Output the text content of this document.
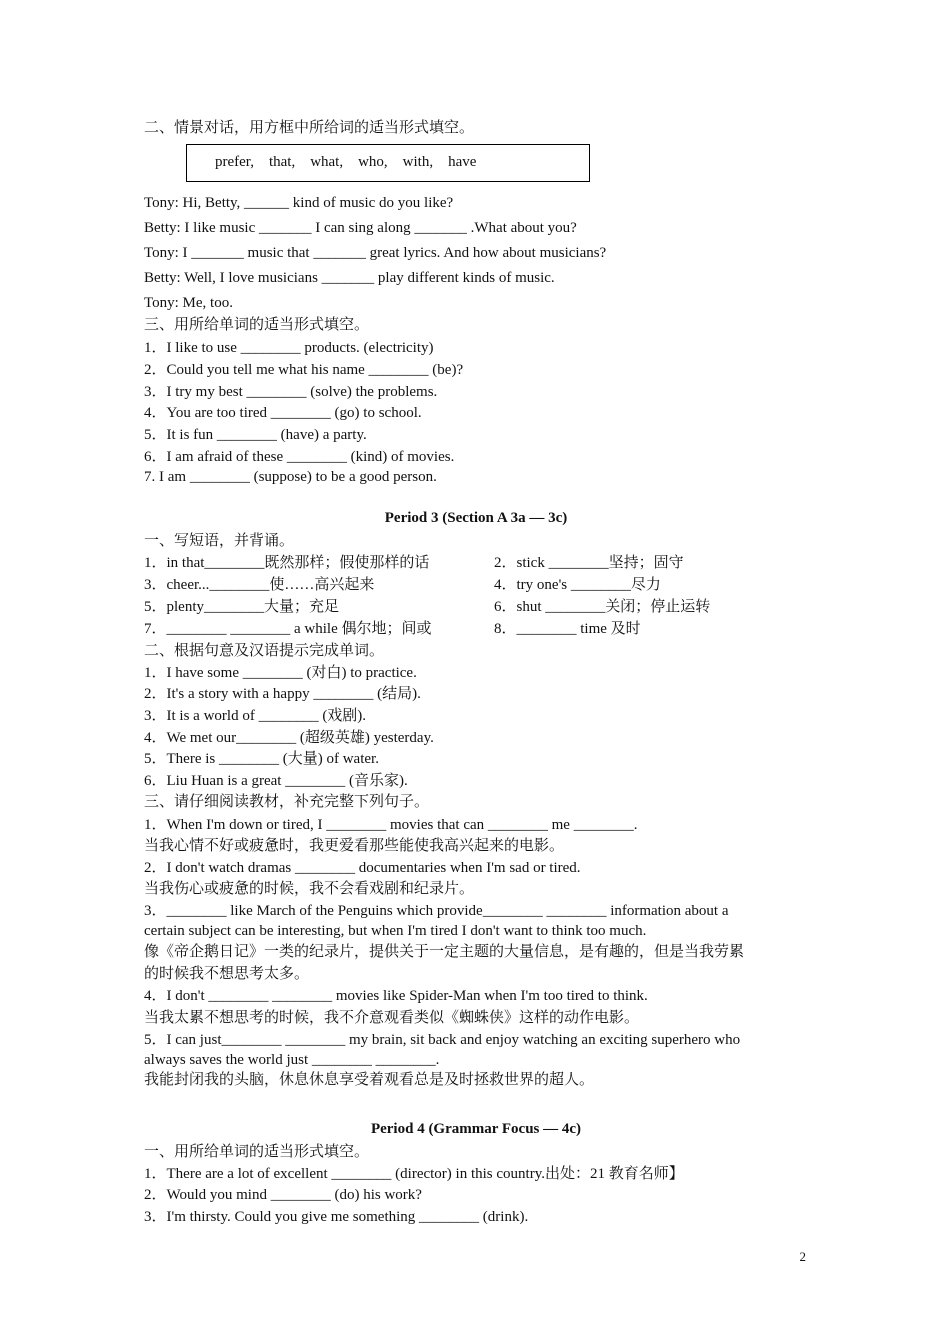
二、情景对话，用方框中所给词的适当形式填空。
prefer,    that,    what,    who,    with,    have
Tony: Hi, Betty, ______ kind of music do you like?
Betty: I like music _______ I can sing along _______ .What about you?
Tony: I _______ music that _______ great lyrics. And how about musicians?
Betty: Well, I love musicians _______ play different kinds of music.
Tony: Me, too.
三、用所给单词的适当形式填空。
1．I like to use ________ products. (electricity)
2．Could you tell me what his name ________ (be)?
3．I try my best ________ (solve) the problems.
4．You are too tired ________ (go) to school.
5．It is fun ________ (have) a party.
6．I am afraid of these ________ (kind) of movies.
7. I am ________ (suppose) to be a good person.
Period 3 (Section A 3a — 3c)
一、写短语，并背诵。
1．in that________既然那样；假使那样的话
3．cheer...________使……高兴起来
5．plenty________大量；充足
7．________ ________ a while 偶尔地；间或
2．stick ________坚持；固守
4．try one's ________尽力
6．shut ________关闭；停止运转
8．________ time 及时
二、根据句意及汉语提示完成单词。
1．I have some ________ (对白) to practice.
2．It's a story with a happy ________ (结局).
3．It is a world of ________ (戏剧).
4．We met our________ (超级英雄) yesterday.
5．There is ________ (大量) of water.
6．Liu Huan is a great ________ (音乐家).
三、请仔细阅读教材，补充完整下列句子。
1．When I'm down or tired, I ________ movies that can ________ me ________.
当我心情不好或疲惫时，我更爱看那些能使我高兴起来的电影。
2．I don't watch dramas ________ documentaries when I'm sad or tired.
当我伤心或疲惫的时候，我不会看戏剧和纪录片。
3．________ like March of the Penguins which provide________ ________ information about a
certain subject can be interesting, but when I'm tired I don't want to think too much.
像《帝企鹅日记》一类的纪录片，提供关于一定主题的大量信息，是有趣的，但是当我劳累
的时候我不想思考太多。
4．I don't ________ ________ movies like Spider-Man when I'm too tired to think.
当我太累不想思考的时候，我不介意观看类似《蜘蛛侠》这样的动作电影。
5．I can just________ ________ my brain, sit back and enjoy watching an exciting superhero who
always saves the world just ________ ________.
我能封闭我的头脑，休息休息享受着观看总是及时拯救世界的超人。
Period 4 (Grammar Focus — 4c)
一、用所给单词的适当形式填空。
1．There are a lot of excellent ________ (director) in this country.出处：21 教育名师】
2．Would you mind ________ (do) his work?
3．I'm thirsty. Could you give me something ________ (drink).
2
